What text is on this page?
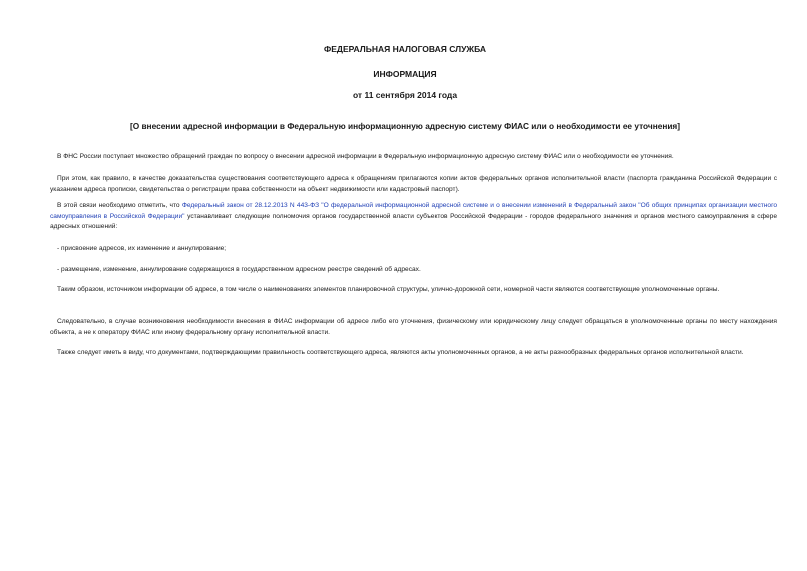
ФЕДЕРАЛЬНАЯ НАЛОГОВАЯ СЛУЖБА

ИНФОРМАЦИЯ

от 11 сентября 2014 года

[О внесении адресной информации в Федеральную информационную адресную систему ФИАС или о необходимости ее уточнения]

В ФНС России поступает множество обращений граждан по вопросу о внесении адресной информации в Федеральную информационную адресную систему ФИАС или о необходимости ее уточнения.

При этом, как правило, в качестве доказательства существования соответствующего адреса к обращениям прилагаются копии актов федеральных органов исполнительной власти (паспорта гражданина Российской Федерации с указанием адреса прописки, свидетельства о регистрации права собственности на объект недвижимости или кадастровый паспорт).

В этой связи необходимо отметить, что Федеральный закон от 28.12.2013 N 443-ФЗ "О федеральной информационной адресной системе и о внесении изменений в Федеральный закон "Об общих принципах организации местного самоуправления в Российской Федерации" устанавливает следующие полномочия органов государственной власти субъектов Российской Федерации - городов федерального значения и органов местного самоуправления в сфере адресных отношений:

- присвоение адресов, их изменение и аннулирование;

- размещение, изменение, аннулирование содержащихся в государственном адресном реестре сведений об адресах.

Таким образом, источником информации об адресе, в том числе о наименованиях элементов планировочной структуры, улично-дорожной сети, номерной части являются соответствующие уполномоченные органы.

Следовательно, в случае возникновения необходимости внесения в ФИАС информации об адресе либо его уточнения, физическому или юридическому лицу следует обращаться в уполномоченные органы по месту нахождения объекта, а не к оператору ФИАС или иному федеральному органу исполнительной власти.

Также следует иметь в виду, что документами, подтверждающими правильность соответствующего адреса, являются акты уполномоченных органов, а не акты разнообразных федеральных органов исполнительной власти.
